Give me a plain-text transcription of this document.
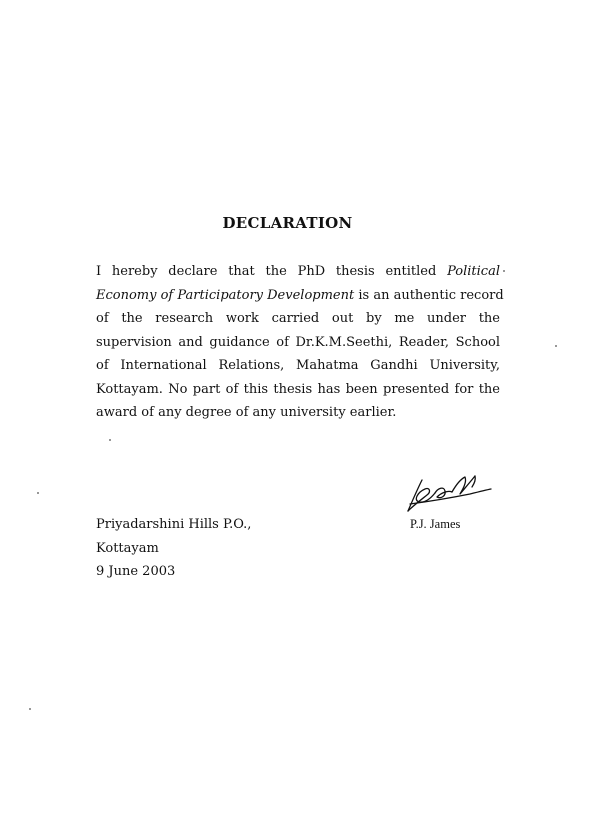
DECLARATION
I hereby declare that the PhD thesis entitled Political
Economy of Participatory Development is an authentic record
of the research work carried out by me under the
supervision and guidance of Dr.K.M.Seethi, Reader, School
of International Relations, Mahatma Gandhi University,
Kottayam. No part of this thesis has been presented for the
award of any degree of any university earlier.
Priyadarshini Hills P.O.,
Kottayam
9 June 2003
P.J. James
